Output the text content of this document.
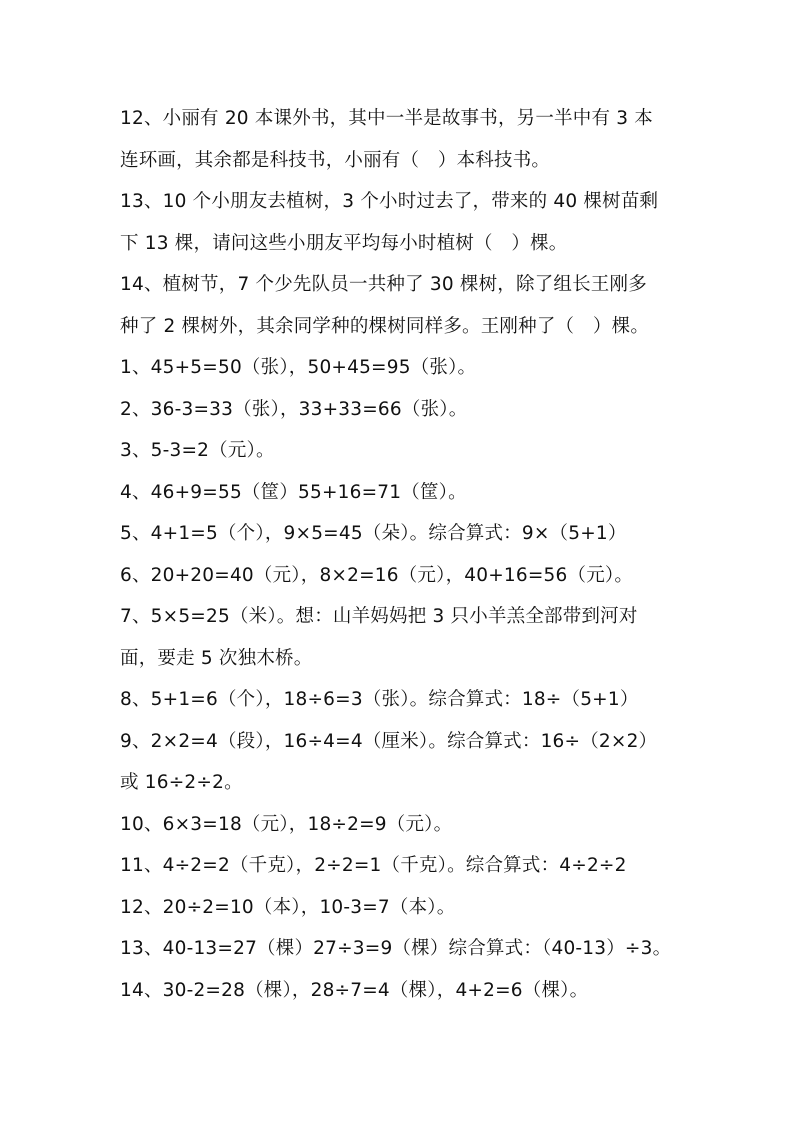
12、小丽有 20 本课外书，其中一半是故事书，另一半中有 3 本
连环画，其余都是科技书，小丽有（　）本科技书。
13、10 个小朋友去植树，3 个小时过去了，带来的 40 棵树苗剩
下 13 棵，请问这些小朋友平均每小时植树（　）棵。
14、植树节，7 个少先队员一共种了 30 棵树，除了组长王刚多
种了 2 棵树外，其余同学种的棵树同样多。王刚种了（　）棵。
1、45+5=50（张），50+45=95（张）。
2、36-3=33（张），33+33=66（张）。
3、5-3=2（元）。
4、46+9=55（筐）55+16=71（筐）。
5、4+1=5（个），9×5=45（朵）。综合算式：9×（5+1）
6、20+20=40（元），8×2=16（元），40+16=56（元）。
7、5×5=25（米）。想：山羊妈妈把 3 只小羊羔全部带到河对
面，要走 5 次独木桥。
8、5+1=6（个），18÷6=3（张）。综合算式：18÷（5+1）
9、2×2=4（段），16÷4=4（厘米）。综合算式：16÷（2×2）
或 16÷2÷2。
10、6×3=18（元），18÷2=9（元）。
11、4÷2=2（千克），2÷2=1（千克）。综合算式：4÷2÷2
12、20÷2=10（本），10-3=7（本）。
13、40-13=27（棵）27÷3=9（棵）综合算式：（40-13）÷3。
14、30-2=28（棵），28÷7=4（棵），4+2=6（棵）。
